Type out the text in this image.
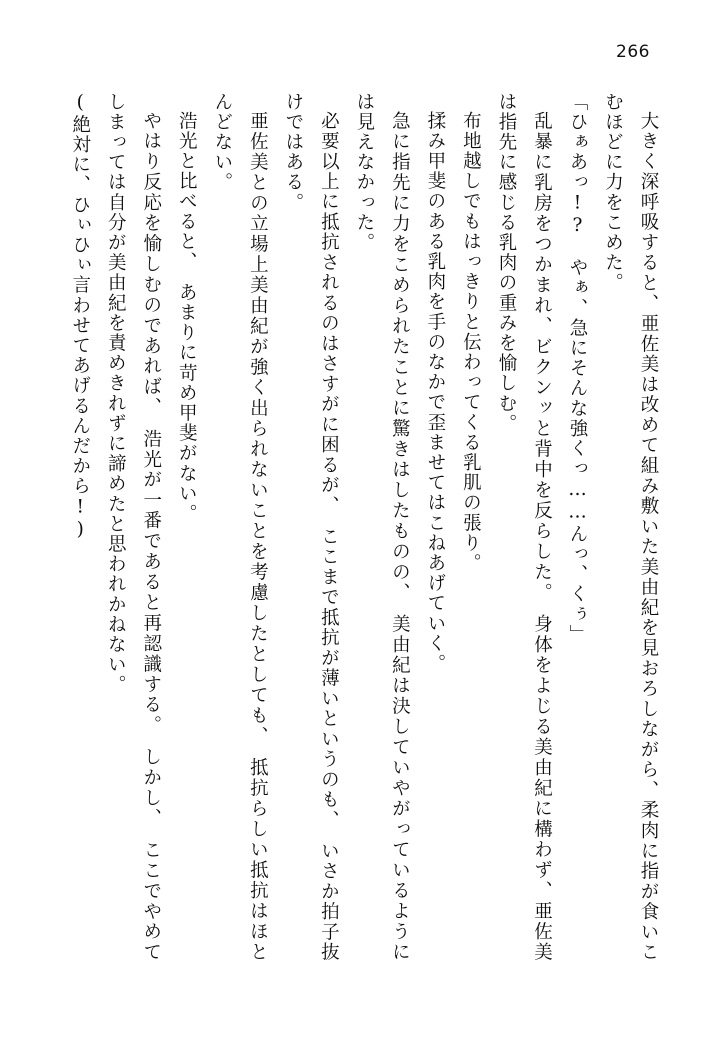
266

大きく深呼吸すると、亜佐美は改めて組み敷いた美由紀を見おろしながら、柔肉に指が食いこむほどに力をこめた。

「ひぁあっ!?　やぁ、急にそんな強くっ……んっ、くぅ」

乱暴に乳房をつかまれ、ビクンッと背中を反らした。　身体をよじる美由紀に構わず、亜佐美は指先に感じる乳肉の重みを愉しむ。

布地越しでもはっきりと伝わってくる乳肌の張り。

揉み甲斐のある乳肉を手のなかで歪ませてはこねあげていく。

急に指先に力をこめられたことに驚きはしたものの、　美由紀は決していやがっているようには見えなかった。

必要以上に抵抗されるのはさすがに困るが、　ここまで抵抗が薄いというのも、　いさか拍子抜けではある。

亜佐美との立場上美由紀が強く出られないことを考慮したとしても、　抵抗らしい抵抗はほとんどない。

浩光と比べると、　あまりに苛め甲斐がない。

やはり反応を愉しむのであれば、　浩光が一番であると再認識する。　しかし、　ここでやめてしまっては自分が美由紀を責めきれずに諦めたと思われかねない。

(絶対に、ひぃひぃ言わせてあげるんだから!)
